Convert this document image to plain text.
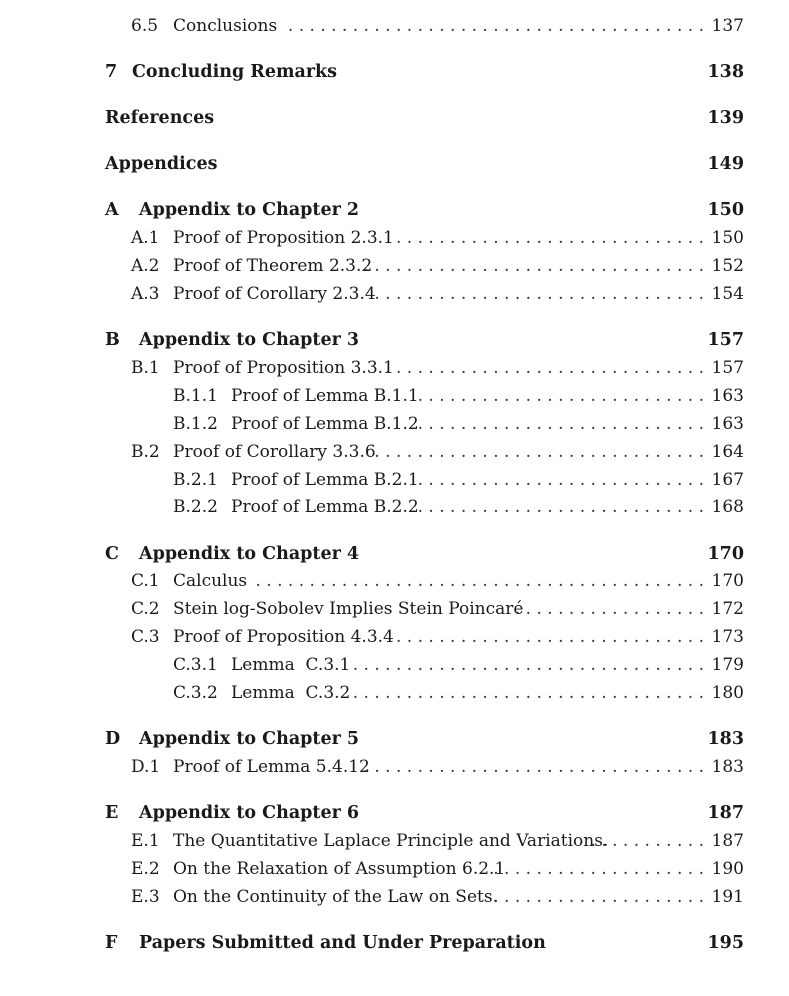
6.5 Conclusions . . .	137
7 Concluding Remarks	138
References	139
Appendices	149
A Appendix to Chapter 2	150
A.1 Proof of Proposition 2.3.1 . . .	150
A.2 Proof of Theorem 2.3.2 . . .	152
A.3 Proof of Corollary 2.3.4 . . .	154
B Appendix to Chapter 3	157
B.1 Proof of Proposition 3.3.1 . . .	157
B.1.1 Proof of Lemma B.1.1 . . .	163
B.1.2 Proof of Lemma B.1.2 . . .	163
B.2 Proof of Corollary 3.3.6 . . .	164
B.2.1 Proof of Lemma B.2.1 . . .	167
B.2.2 Proof of Lemma B.2.2 . . .	168
C Appendix to Chapter 4	170
C.1 Calculus . . .	170
C.2 Stein log-Sobolev Implies Stein Poincaré . . .	172
C.3 Proof of Proposition 4.3.4 . . .	173
C.3.1 Lemma  C.3.1 . . .	179
C.3.2 Lemma  C.3.2 . . .	180
D Appendix to Chapter 5	183
D.1 Proof of Lemma 5.4.12 . . .	183
E Appendix to Chapter 6	187
E.1 The Quantitative Laplace Principle and Variations. . . .	187
E.2 On the Relaxation of Assumption 6.2.1 . . .	190
E.3 On the Continuity of the Law on Sets. . . .	191
F Papers Submitted and Under Preparation	195
